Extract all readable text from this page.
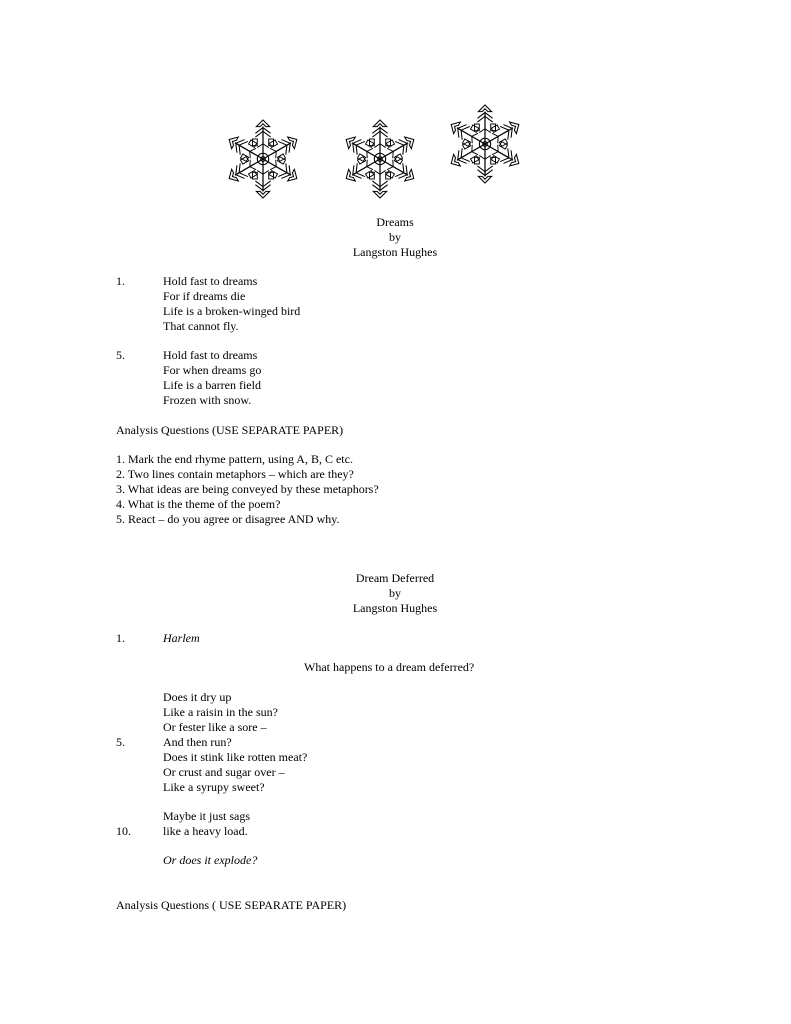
Dreams
by
Langston Hughes
1.	Hold fast to dreams
For if dreams die
Life is a broken-winged bird
That cannot fly.
5.	Hold fast to dreams
For when dreams go
Life is a barren field
Frozen with snow.
Analysis Questions (USE SEPARATE PAPER)
1. Mark the end rhyme pattern, using A, B, C etc.
2. Two lines contain metaphors – which are they?
3. What ideas are being conveyed by these metaphors?
4. What is the theme of the poem?
5. React – do you agree or disagree AND why.
Dream Deferred
by
Langston Hughes
1.	Harlem
What happens to a dream deferred?
Does it dry up
Like a raisin in the sun?
Or fester like a sore –
5.	And then run?
Does it stink like rotten meat?
Or crust and sugar over –
Like a syrupy sweet?
Maybe it just sags
10.	like a heavy load.
Or does it explode?
Analysis Questions ( USE SEPARATE PAPER)
